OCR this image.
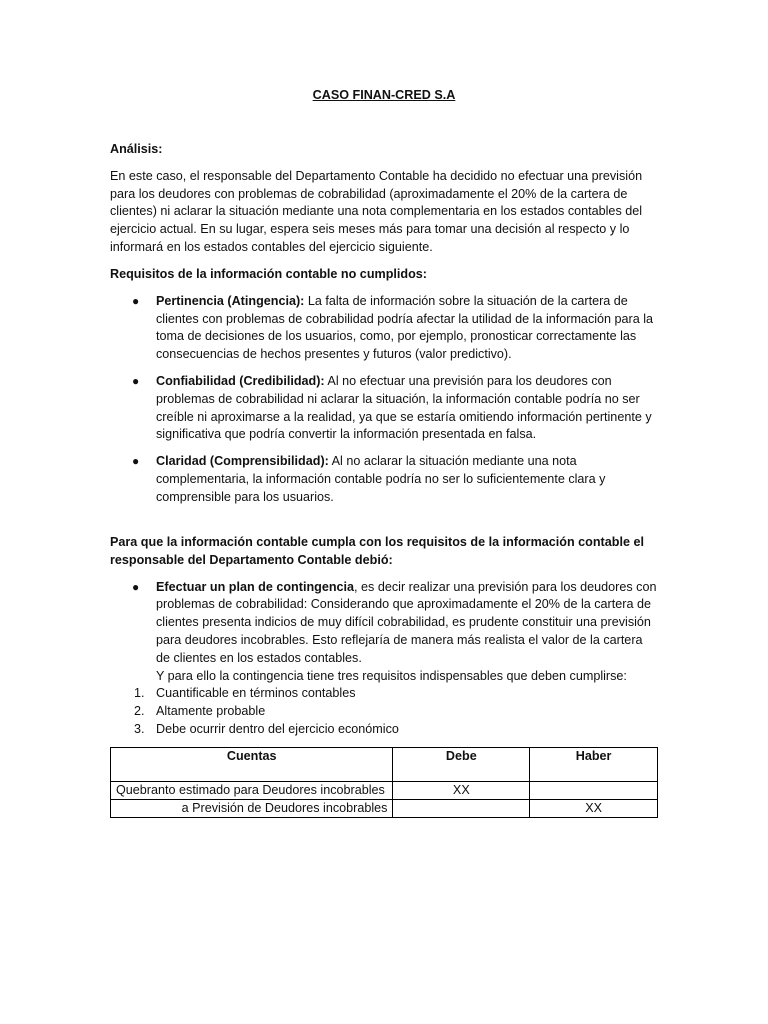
CASO FINAN-CRED S.A

Análisis:

En este caso, el responsable del Departamento Contable ha decidido no efectuar una previsión para los deudores con problemas de cobrabilidad (aproximadamente el 20% de la cartera de clientes) ni aclarar la situación mediante una nota complementaria en los estados contables del ejercicio actual. En su lugar, espera seis meses más para tomar una decisión al respecto y lo informará en los estados contables del ejercicio siguiente.

Requisitos de la información contable no cumplidos:

● Pertinencia (Atingencia): La falta de información sobre la situación de la cartera de clientes con problemas de cobrabilidad podría afectar la utilidad de la información para la toma de decisiones de los usuarios, como, por ejemplo, pronosticar correctamente las consecuencias de hechos presentes y futuros (valor predictivo).
● Confiabilidad (Credibilidad): Al no efectuar una previsión para los deudores con problemas de cobrabilidad ni aclarar la situación, la información contable podría no ser creíble ni aproximarse a la realidad, ya que se estaría omitiendo información pertinente y significativa que podría convertir la información presentada en falsa.
● Claridad (Comprensibilidad): Al no aclarar la situación mediante una nota complementaria, la información contable podría no ser lo suficientemente clara y comprensible para los usuarios.

Para que la información contable cumpla con los requisitos de la información contable el responsable del Departamento Contable debió:

● Efectuar un plan de contingencia, es decir realizar una previsión para los deudores con problemas de cobrabilidad: Considerando que aproximadamente el 20% de la cartera de clientes presenta indicios de muy difícil cobrabilidad, es prudente constituir una previsión para deudores incobrables. Esto reflejaría de manera más realista el valor de la cartera de clientes en los estados contables.
Y para ello la contingencia tiene tres requisitos indispensables que deben cumplirse:
1. Cuantificable en términos contables
2. Altamente probable
3. Debe ocurrir dentro del ejercicio económico
Cuentas	Debe	Haber
Quebranto estimado para Deudores incobrables	XX	
a Previsión de Deudores incobrables		XX
